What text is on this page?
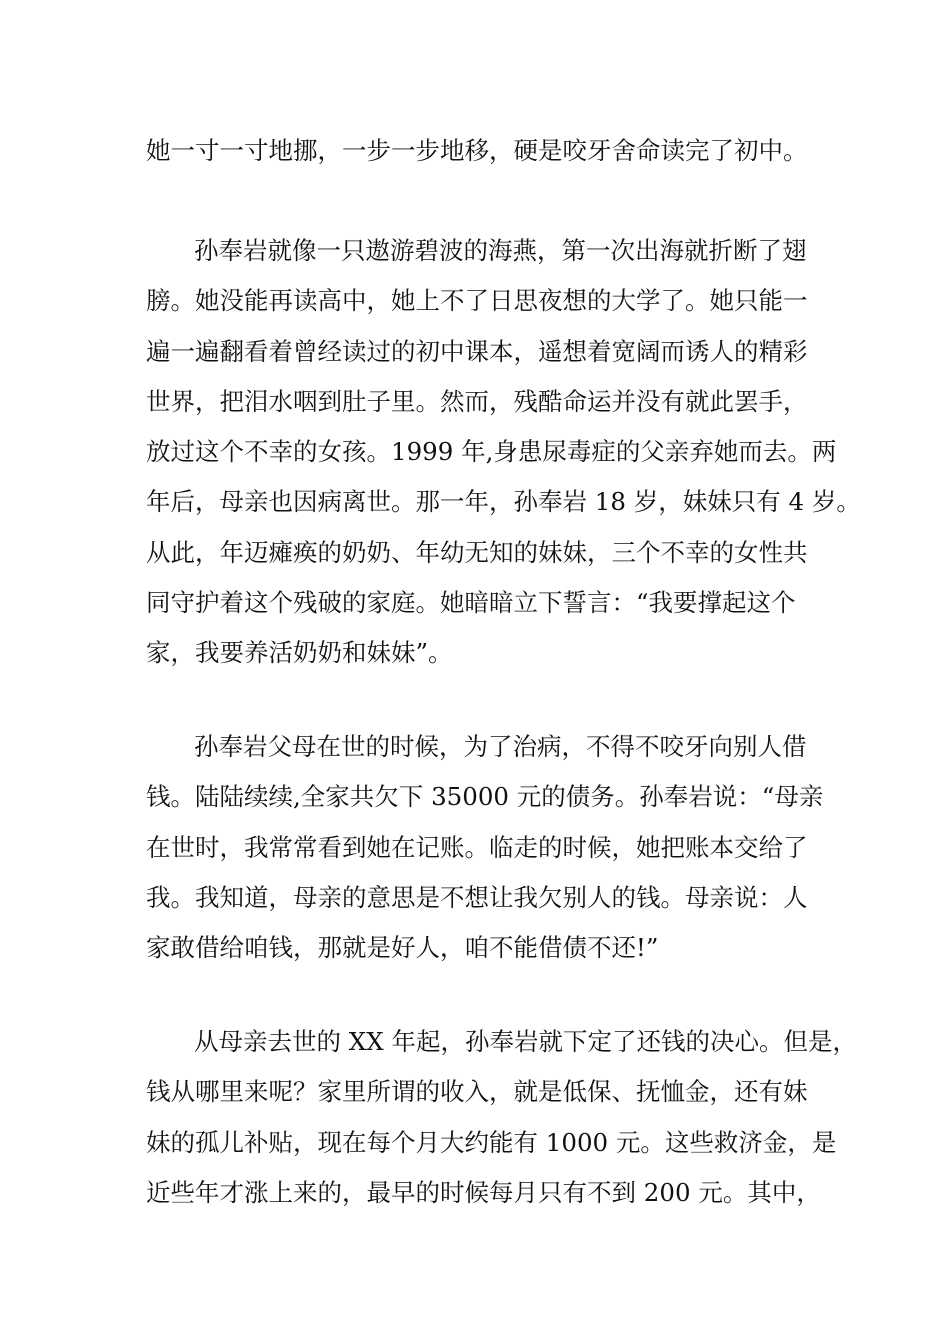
她一寸一寸地挪，一步一步地移，硬是咬牙舍命读完了初中。
孙奉岩就像一只遨游碧波的海燕，第一次出海就折断了翅
膀。她没能再读高中，她上不了日思夜想的大学了。她只能一
遍一遍翻看着曾经读过的初中课本，遥想着宽阔而诱人的精彩
世界，把泪水咽到肚子里。然而，残酷命运并没有就此罢手，
放过这个不幸的女孩。1999 年,身患尿毒症的父亲弃她而去。两
年后，母亲也因病离世。那一年，孙奉岩 18 岁，妹妹只有 4 岁。
从此，年迈瘫痪的奶奶、年幼无知的妹妹，三个不幸的女性共
同守护着这个残破的家庭。她暗暗立下誓言：“我要撑起这个
家，我要养活奶奶和妹妹”。
孙奉岩父母在世的时候，为了治病，不得不咬牙向别人借
钱。陆陆续续,全家共欠下 35000 元的债务。孙奉岩说：“母亲
在世时，我常常看到她在记账。临走的时候，她把账本交给了
我。我知道，母亲的意思是不想让我欠别人的钱。母亲说：人
家敢借给咱钱，那就是好人，咱不能借债不还!”
从母亲去世的 XX 年起，孙奉岩就下定了还钱的决心。但是，
钱从哪里来呢？家里所谓的收入，就是低保、抚恤金，还有妹
妹的孤儿补贴，现在每个月大约能有 1000 元。这些救济金，是
近些年才涨上来的，最早的时候每月只有不到 200 元。其中，
